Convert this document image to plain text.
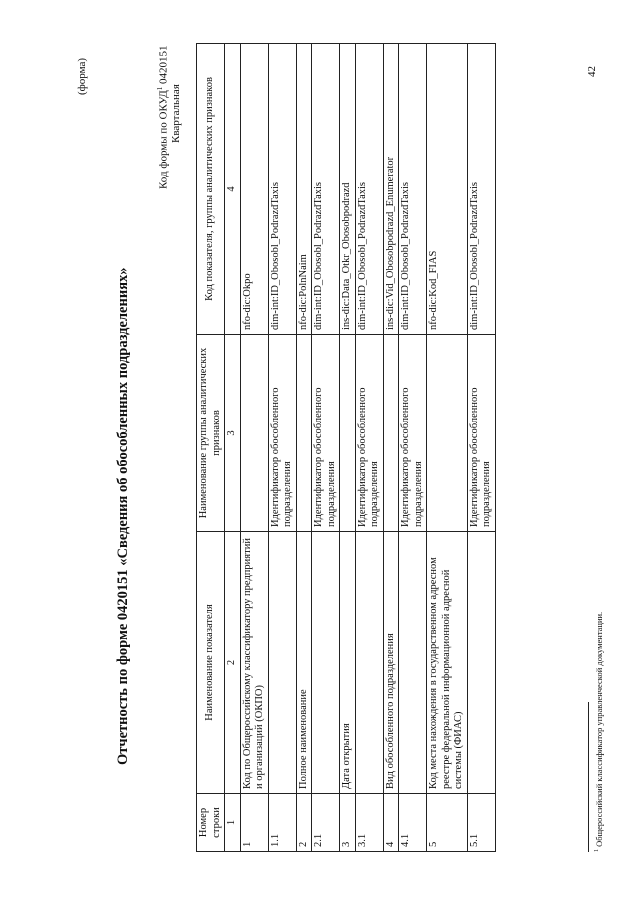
(форма)
Отчетность по форме 0420151 «Сведения об обособленных подразделениях»
Код формы по ОКУД$^1$ 0420151
Квартальная
Номер строки	Наименование показателя	Наименование группы аналитических признаков	Код показателя, группы аналитических признаков
1	2	3	4
1	Код по Общероссийскому классификатору предприятий и организаций (ОКПО)		nfo-dic:Okpo
1.1		Идентификатор обособленного подразделения	dim-int:ID_Obosobl_PodrazdTaxis
2	Полное наименование		nfo-dic:PolnNaim
2.1		Идентификатор обособленного подразделения	dim-int:ID_Obosobl_PodrazdTaxis
3	Дата открытия		ins-dic:Data_Otkr_Obosobpodrazd
3.1		Идентификатор обособленного подразделения	dim-int:ID_Obosobl_PodrazdTaxis
4	Вид обособленного подразделения		ins-dic:Vid_Obosobpodrazd_Enumerator
4.1		Идентификатор обособленного подразделения	dim-int:ID_Obosobl_PodrazdTaxis
5	Код места нахождения в государственном адресном реестре федеральной информационной адресной системы (ФИАС)		nfo-dic:Kod_FIAS
5.1		Идентификатор обособленного подразделения	dim-int:ID_Obosobl_PodrazdTaxis
$^1$ Общероссийский классификатор управленческой документации.
42
